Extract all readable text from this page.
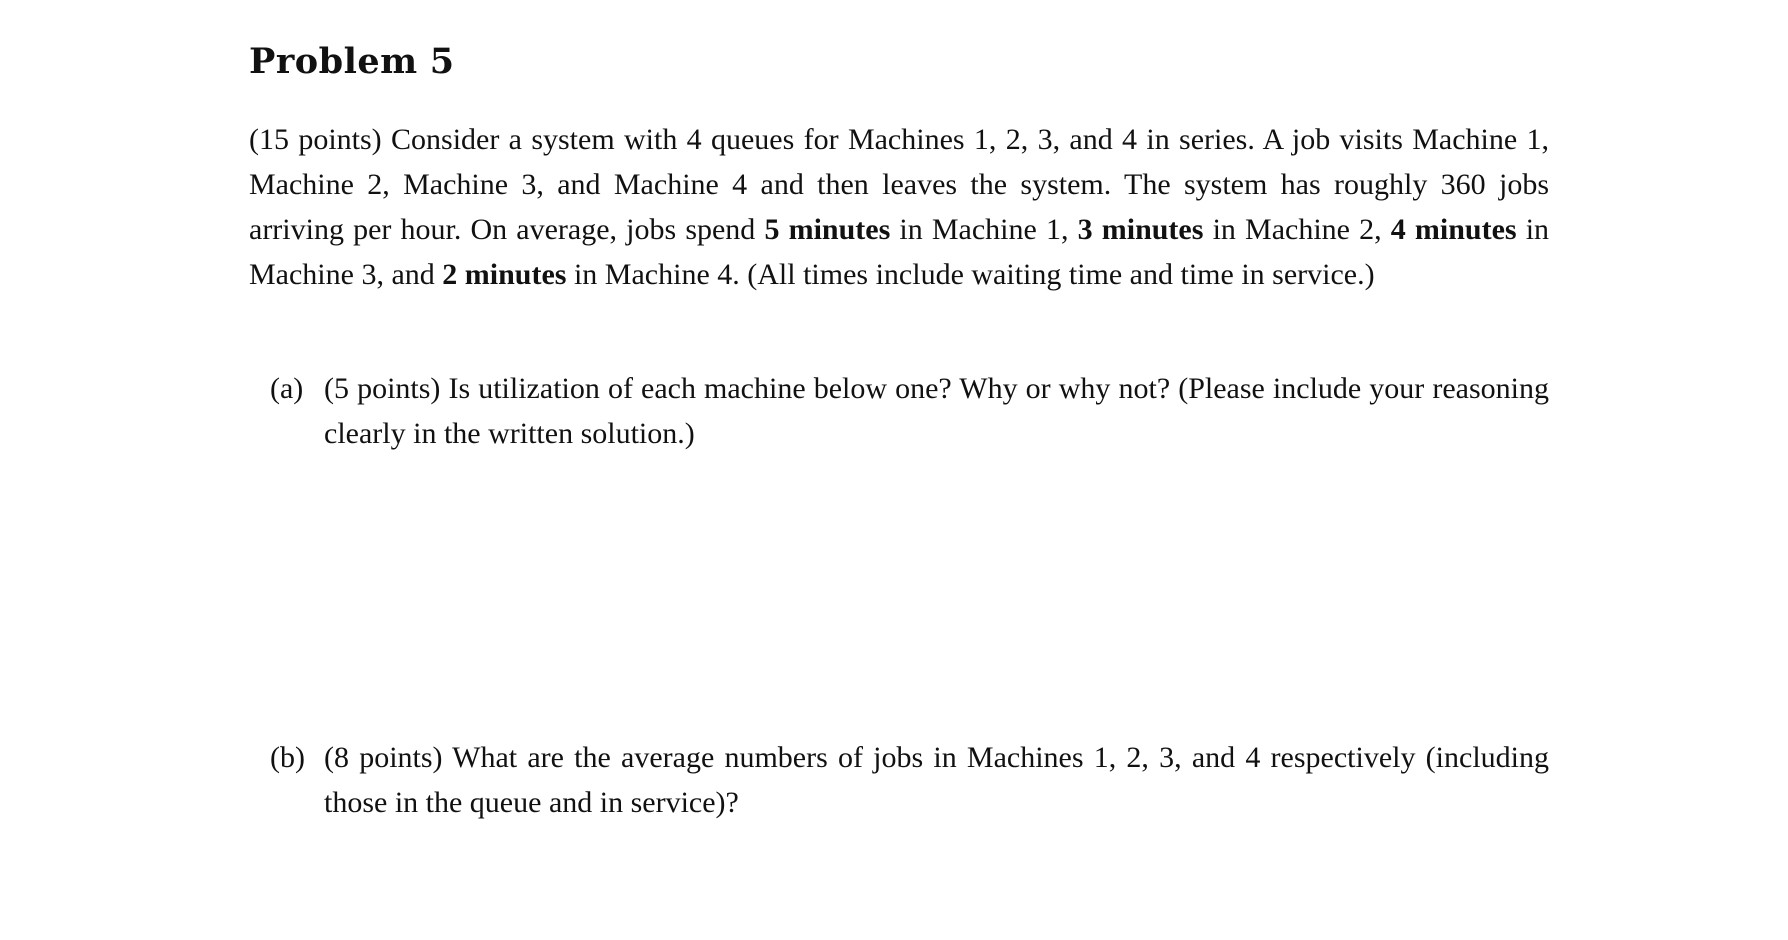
Problem 5

(15 points) Consider a system with 4 queues for Machines 1, 2, 3, and 4 in series. A job visits Machine 1, Machine 2, Machine 3, and Machine 4 and then leaves the system. The system has roughly 360 jobs arriving per hour. On average, jobs spend 5 minutes in Machine 1, 3 minutes in Machine 2, 4 minutes in Machine 3, and 2 minutes in Machine 4. (All times include waiting time and time in service.)

(a) (5 points) Is utilization of each machine below one? Why or why not? (Please include your reasoning clearly in the written solution.)
(b) (8 points) What are the average numbers of jobs in Machines 1, 2, 3, and 4 respectively (including those in the queue and in service)?
